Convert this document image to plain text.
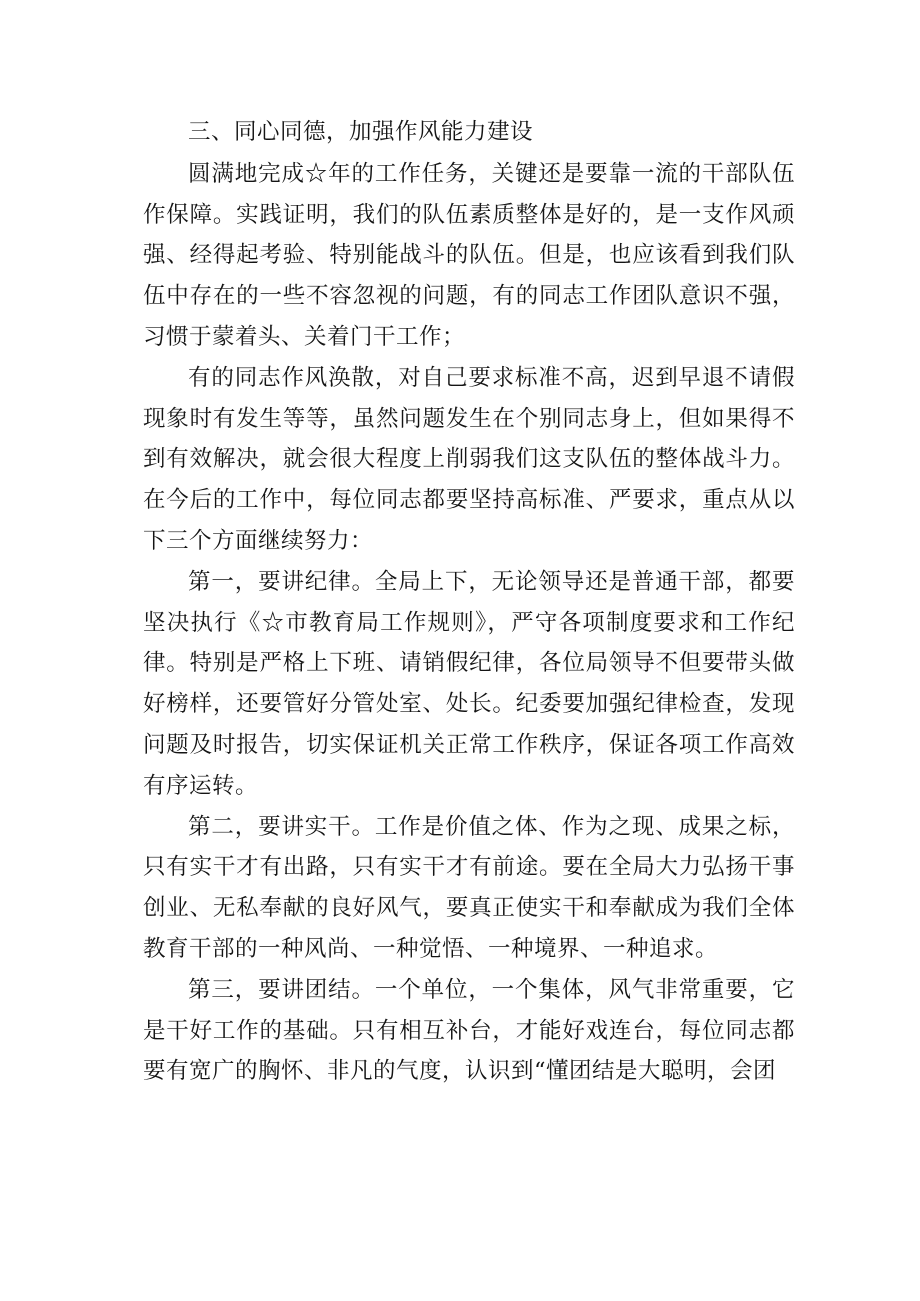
三、同心同德，加强作风能力建设

圆满地完成☆年的工作任务，关键还是要靠一流的干部队伍作保障。实践证明，我们的队伍素质整体是好的，是一支作风顽强、经得起考验、特别能战斗的队伍。但是，也应该看到我们队伍中存在的一些不容忽视的问题，有的同志工作团队意识不强，习惯于蒙着头、关着门干工作；

有的同志作风涣散，对自己要求标准不高，迟到早退不请假现象时有发生等等，虽然问题发生在个别同志身上，但如果得不到有效解决，就会很大程度上削弱我们这支队伍的整体战斗力。在今后的工作中，每位同志都要坚持高标准、严要求，重点从以下三个方面继续努力：

第一，要讲纪律。全局上下，无论领导还是普通干部，都要坚决执行《☆市教育局工作规则》，严守各项制度要求和工作纪律。特别是严格上下班、请销假纪律，各位局领导不但要带头做好榜样，还要管好分管处室、处长。纪委要加强纪律检查，发现问题及时报告，切实保证机关正常工作秩序，保证各项工作高效有序运转。

第二，要讲实干。工作是价值之体、作为之现、成果之标，只有实干才有出路，只有实干才有前途。要在全局大力弘扬干事创业、无私奉献的良好风气，要真正使实干和奉献成为我们全体教育干部的一种风尚、一种觉悟、一种境界、一种追求。

第三，要讲团结。一个单位，一个集体，风气非常重要，它是干好工作的基础。只有相互补台，才能好戏连台，每位同志都要有宽广的胸怀、非凡的气度，认识到“懂团结是大聪明，会团
